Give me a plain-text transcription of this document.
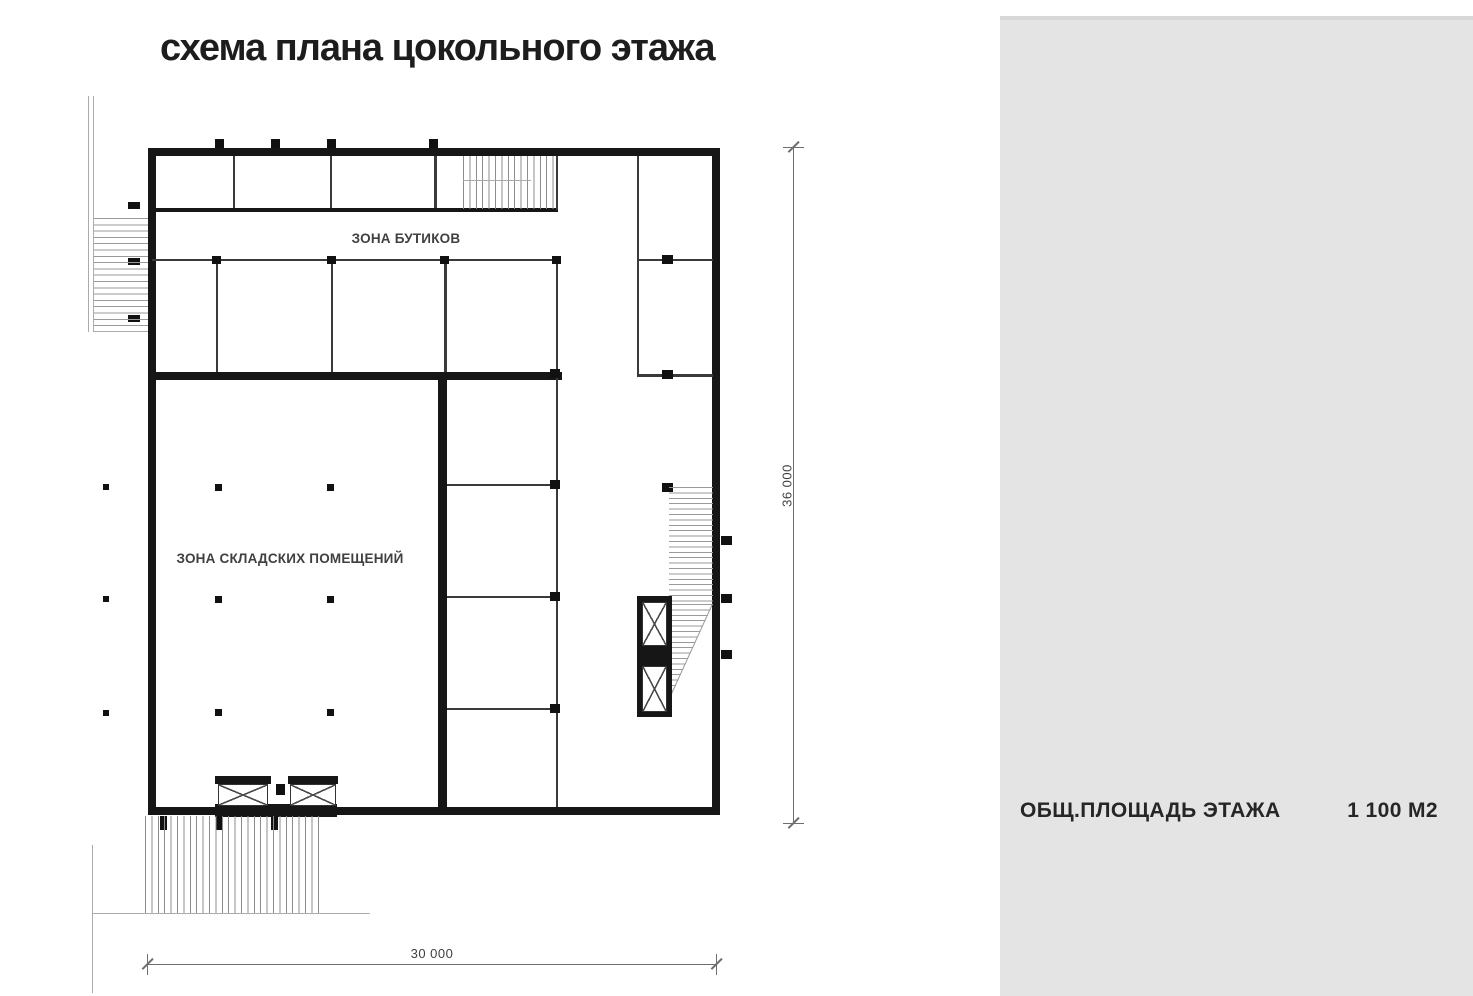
схема плана цокольного этажа
ЗОНА БУТИКОВ
ЗОНА СКЛАДСКИХ ПОМЕЩЕНИЙ
36 000
30 000
ОБЩ.ПЛОЩАДЬ ЭТАЖА	1 100 М2
